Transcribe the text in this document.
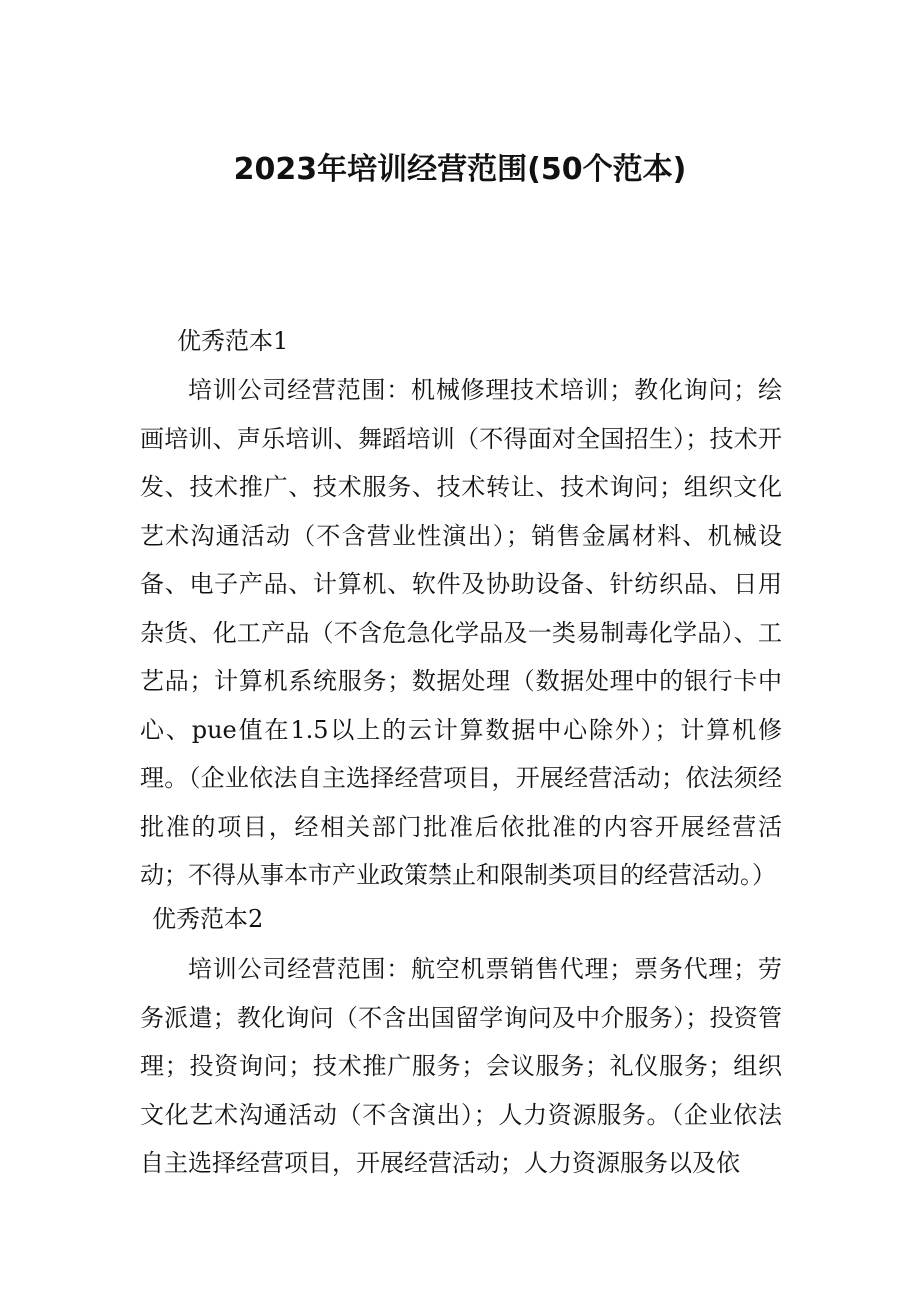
2023年培训经营范围(50个范本)

优秀范本1

培训公司经营范围：机械修理技术培训；教化询问；绘画培训、声乐培训、舞蹈培训（不得面对全国招生）；技术开发、技术推广、技术服务、技术转让、技术询问；组织文化艺术沟通活动（不含营业性演出）；销售金属材料、机械设备、电子产品、计算机、软件及协助设备、针纺织品、日用杂货、化工产品（不含危急化学品及一类易制毒化学品）、工艺品；计算机系统服务；数据处理（数据处理中的银行卡中心、pue值在1.5以上的云计算数据中心除外）；计算机修理。（企业依法自主选择经营项目，开展经营活动；依法须经批准的项目，经相关部门批准后依批准的内容开展经营活动；不得从事本市产业政策禁止和限制类项目的经营活动。）

优秀范本2

培训公司经营范围：航空机票销售代理；票务代理；劳务派遣；教化询问（不含出国留学询问及中介服务）；投资管理；投资询问；技术推广服务；会议服务；礼仪服务；组织文化艺术沟通活动（不含演出）；人力资源服务。（企业依法自主选择经营项目，开展经营活动；人力资源服务以及依
